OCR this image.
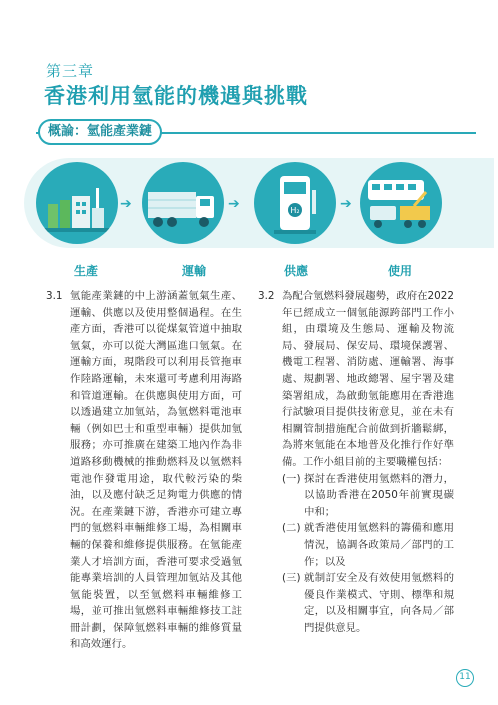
第三章
香港利用氫能的機遇與挑戰
概論：氫能產業鏈
➔	➔	H₂	➔
生產	運輸	供應	使用
3.1 氫能產業鏈的中上游涵蓋氫氣生產、運輸、供應以及使用整個過程。在生產方面，香港可以從煤氣管道中抽取氫氣，亦可以從大灣區進口氫氣。在運輸方面，現階段可以利用長管拖車作陸路運輸，未來還可考慮利用海路和管道運輸。在供應與使用方面，可以透過建立加氫站，為氫燃料電池車輛（例如巴士和重型車輛）提供加氫服務；亦可推廣在建築工地內作為非道路移動機械的推動燃料及以氫燃料電池作發電用途，取代較污染的柴油，以及應付缺乏足夠電力供應的情況。在產業鏈下游，香港亦可建立專門的氫燃料車輛維修工場，為相關車輛的保養和維修提供服務。在氫能產業人才培訓方面，香港可要求受過氫能專業培訓的人員管理加氫站及其他氫能裝置，以至氫燃料車輛維修工場，並可推出氫燃料車輛維修技工註冊計劃，保障氫燃料車輛的維修質量和高效運行。

3.2 為配合氫燃料發展趨勢，政府在2022年已經成立一個氫能源跨部門工作小組，由環境及生態局、運輸及物流局、發展局、保安局、環境保護署、機電工程署、消防處、運輸署、海事處、規劃署、地政總署、屋宇署及建築署組成，為啟動氫能應用在香港進行試驗項目提供技術意見，並在未有相關管制措施配合前做到折牆鬆綁，為將來氫能在本地普及化推行作好準備。工作小組目前的主要職權包括：

(一) 探討在香港使用氫燃料的潛力，以協助香港在2050年前實現碳中和；
(二) 就香港使用氫燃料的籌備和應用情況，協調各政策局／部門的工作；以及
(三) 就制訂安全及有效使用氫燃料的優良作業模式、守則、標準和規定，以及相關事宜，向各局／部門提供意見。
11
